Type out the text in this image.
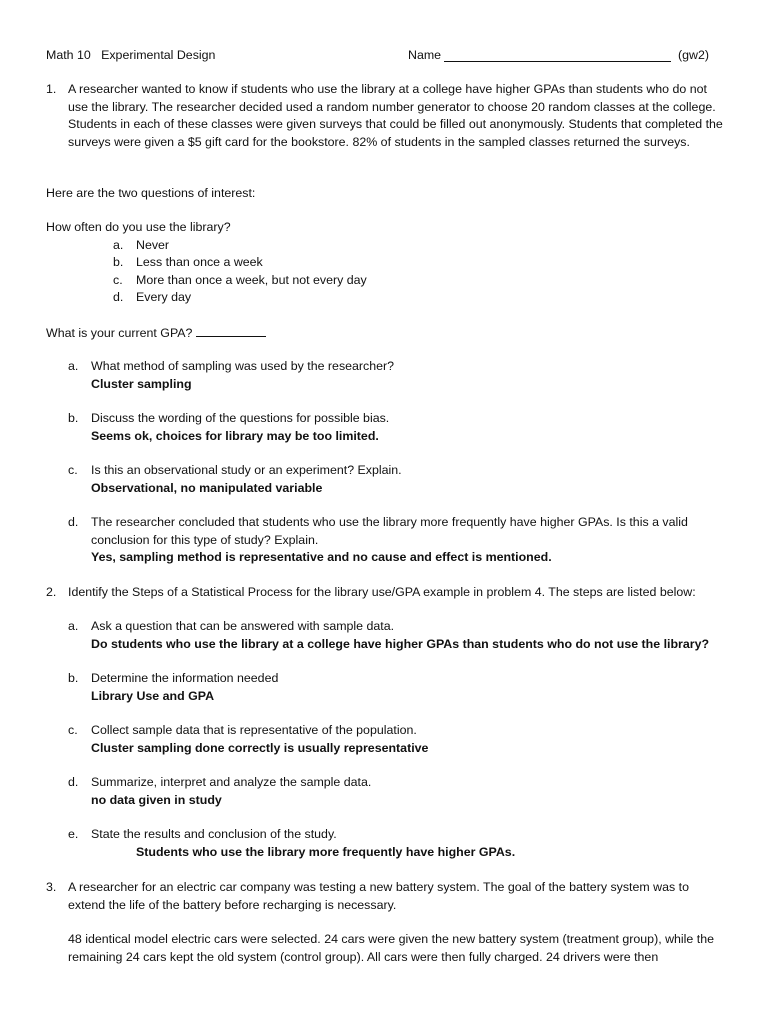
Math 10   Experimental Design	Name	(gw2)
1. A researcher wanted to know if students who use the library at a college have higher GPAs than students who do not use the library. The researcher decided used a random number generator to choose 20 random classes at the college. Students in each of these classes were given surveys that could be filled out anonymously. Students that completed the surveys were given a $5 gift card for the bookstore. 82% of students in the sampled classes returned the surveys.
Here are the two questions of interest:
How often do you use the library?
a. Never
b. Less than once a week
c. More than once a week, but not every day
d. Every day
What is your current GPA?
a. What method of sampling was used by the researcher?
Cluster sampling
b. Discuss the wording of the questions for possible bias.
Seems ok, choices for library may be too limited.
c. Is this an observational study or an experiment? Explain.
Observational, no manipulated variable
d. The researcher concluded that students who use the library more frequently have higher GPAs. Is this a valid conclusion for this type of study? Explain.
Yes, sampling method is representative and no cause and effect is mentioned.
2. Identify the Steps of a Statistical Process for the library use/GPA example in problem 4. The steps are listed below:
a. Ask a question that can be answered with sample data.
Do students who use the library at a college have higher GPAs than students who do not use the library?
b. Determine the information needed
Library Use and GPA
c. Collect sample data that is representative of the population.
Cluster sampling done correctly is usually representative
d. Summarize, interpret and analyze the sample data.
no data given in study
e. State the results and conclusion of the study.
Students who use the library more frequently have higher GPAs.
3. A researcher for an electric car company was testing a new battery system. The goal of the battery system was to extend the life of the battery before recharging is necessary.
48 identical model electric cars were selected. 24 cars were given the new battery system (treatment group), while the remaining 24 cars kept the old system (control group). All cars were then fully charged. 24 drivers were then
